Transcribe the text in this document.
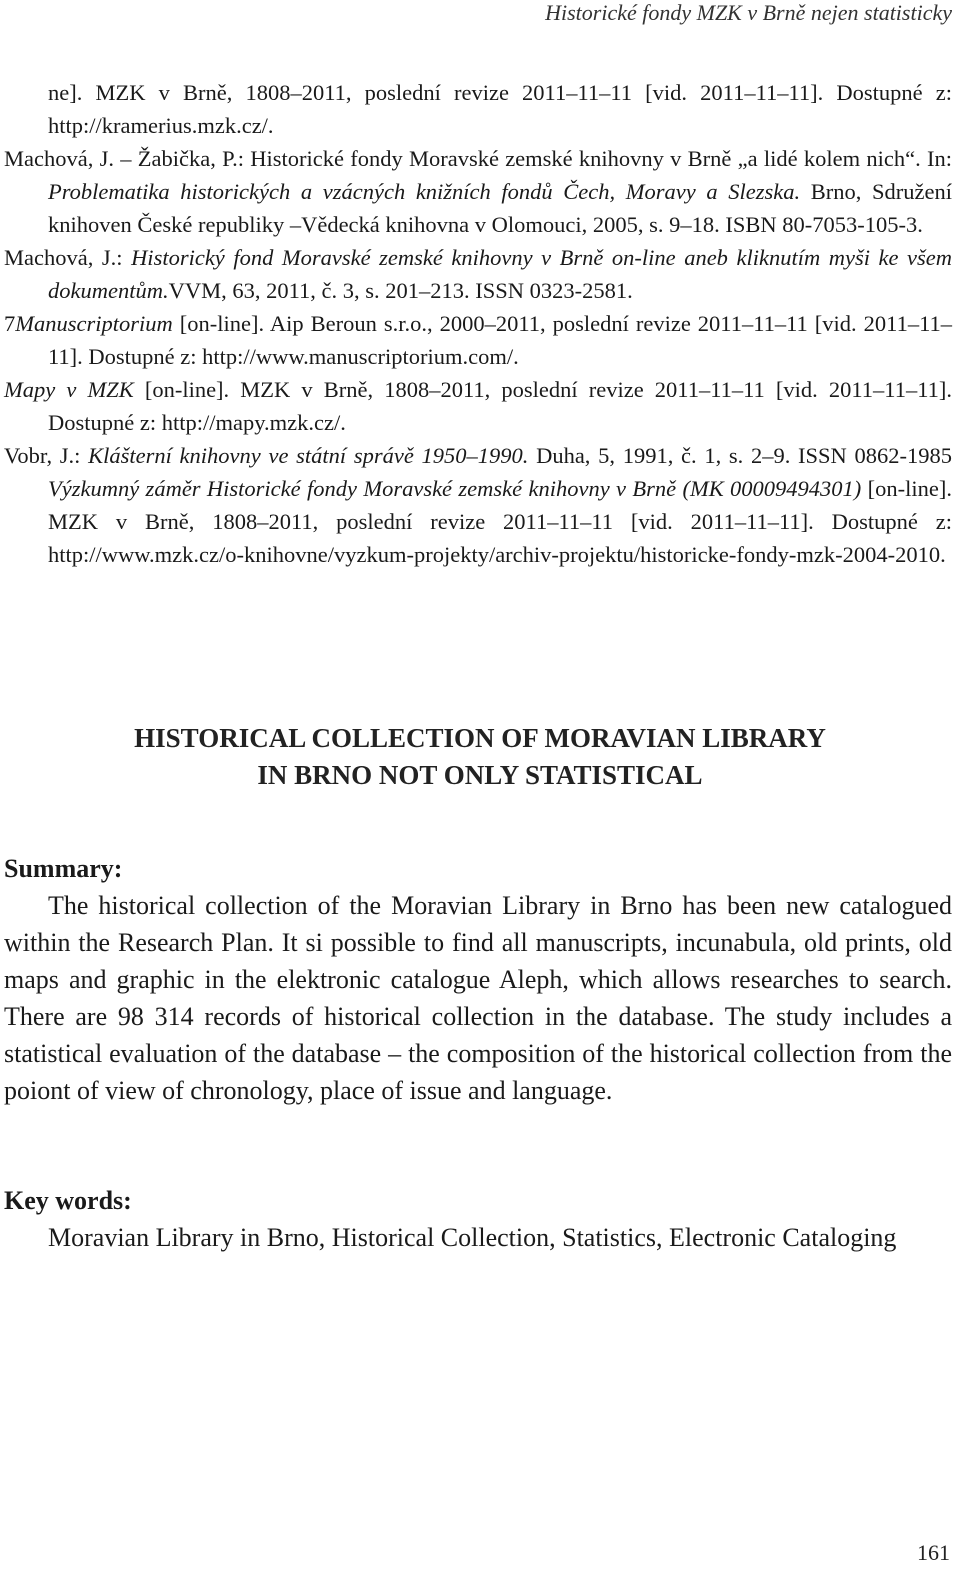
Historické fondy MZK v Brně nejen statisticky
ne]. MZK v Brně, 1808–2011, poslední revize 2011–11–11 [vid. 2011–11–11]. Dostupné z: http://kramerius.mzk.cz/.
Machová, J. – Žabička, P.: Historické fondy Moravské zemské knihovny v Brně „a lidé kolem nich“. In: Problematika historických a vzácných knižních fondů Čech, Moravy a Slezska. Brno, Sdružení knihoven České republiky –Vědecká knihovna v Olomouci, 2005, s. 9–18. ISBN 80-7053-105-3.
Machová, J.: Historický fond Moravské zemské knihovny v Brně on-line aneb kliknutím myši ke všem dokumentům.VVM, 63, 2011, č. 3, s. 201–213. ISSN 0323-2581.
7Manuscriptorium [on-line]. Aip Beroun s.r.o., 2000–2011, poslední revize 2011–11–11 [vid. 2011–11–11]. Dostupné z: http://www.manuscriptorium.com/.
Mapy v MZK [on-line]. MZK v Brně, 1808–2011, poslední revize 2011–11–11 [vid. 2011–11–11]. Dostupné z: http://mapy.mzk.cz/.
Vobr, J.: Klášterní knihovny ve státní správě 1950–1990. Duha, 5, 1991, č. 1, s. 2–9. ISSN 0862-1985 Výzkumný záměr Historické fondy Moravské zemské knihovny v Brně (MK 00009494301) [on-line]. MZK v Brně, 1808–2011, poslední revize 2011–11–11 [vid. 2011–11–11]. Dostupné z: http://www.mzk.cz/o-knihovne/vyzkum-projekty/archiv-projektu/historicke-fondy-mzk-2004-2010.
HISTORICAL COLLECTION OF MORAVIAN LIBRARY
IN BRNO NOT ONLY STATISTICAL
Summary:
The historical collection of the Moravian Library in Brno has been new catalogued within the Research Plan. It si possible to find all manuscripts, incunabula, old prints, old maps and graphic in the elektronic catalogue Aleph, which allows researches to search. There are 98 314 records of historical collection in the database. The study includes a statistical evaluation of the database – the composition of the historical collection from the poiont of view of chronology, place of issue and language.
Key words:
Moravian Library in Brno, Historical Collection, Statistics, Electronic Cataloging
161
